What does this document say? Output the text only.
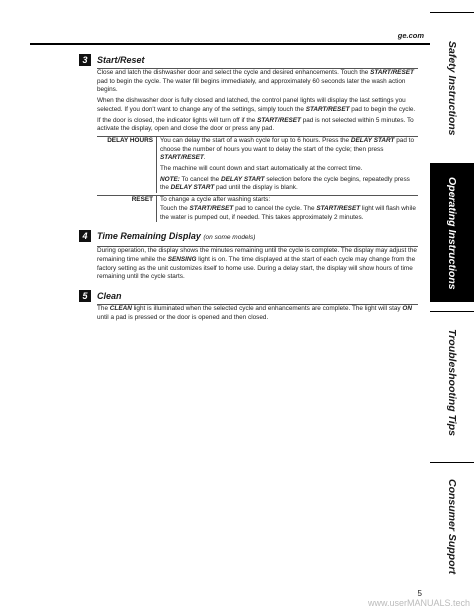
ge.com
3	Start/Reset
Close and latch the dishwasher door and select the cycle and desired enhancements. Touch the START/RESET pad to begin the cycle. The water fill begins immediately, and approximately 60 seconds later the wash action begins.
When the dishwasher door is fully closed and latched, the control panel lights will display the last settings you selected. If you don't want to change any of the settings, simply touch the START/RESET pad to begin the cycle.
If the door is closed, the indicator lights will turn off if the START/RESET pad is not selected within 5 minutes. To activate the display, open and close the door or press any pad.
DELAY HOURS	You can delay the start of a wash cycle for up to 6 hours. Press the DELAY START pad to choose the number of hours you want to delay the start of the cycle; then press START/RESET.
The machine will count down and start automatically at the correct time.
NOTE: To cancel the DELAY START selection before the cycle begins, repeatedly press the DELAY START pad until the display is blank.
RESET	To change a cycle after washing starts:
Touch the START/RESET pad to cancel the cycle. The START/RESET light will flash while the water is pumped out, if needed. This takes approximately 2 minutes.
4	Time Remaining Display (on some models)
During operation, the display shows the minutes remaining until the cycle is complete. The display may adjust the remaining time while the SENSING light is on. The time displayed at the start of each cycle may change from the factory setting as the unit customizes itself to home use. During a delay start, the display will show hours of time remaining until the cycle starts.
5	Clean
The CLEAN light is illuminated when the selected cycle and enhancements are complete. The light will stay ON until a pad is pressed or the door is opened and then closed.
Safety Instructions
Operating Instructions
Troubleshooting Tips
Consumer Support
5
www.userMANUALS.tech
